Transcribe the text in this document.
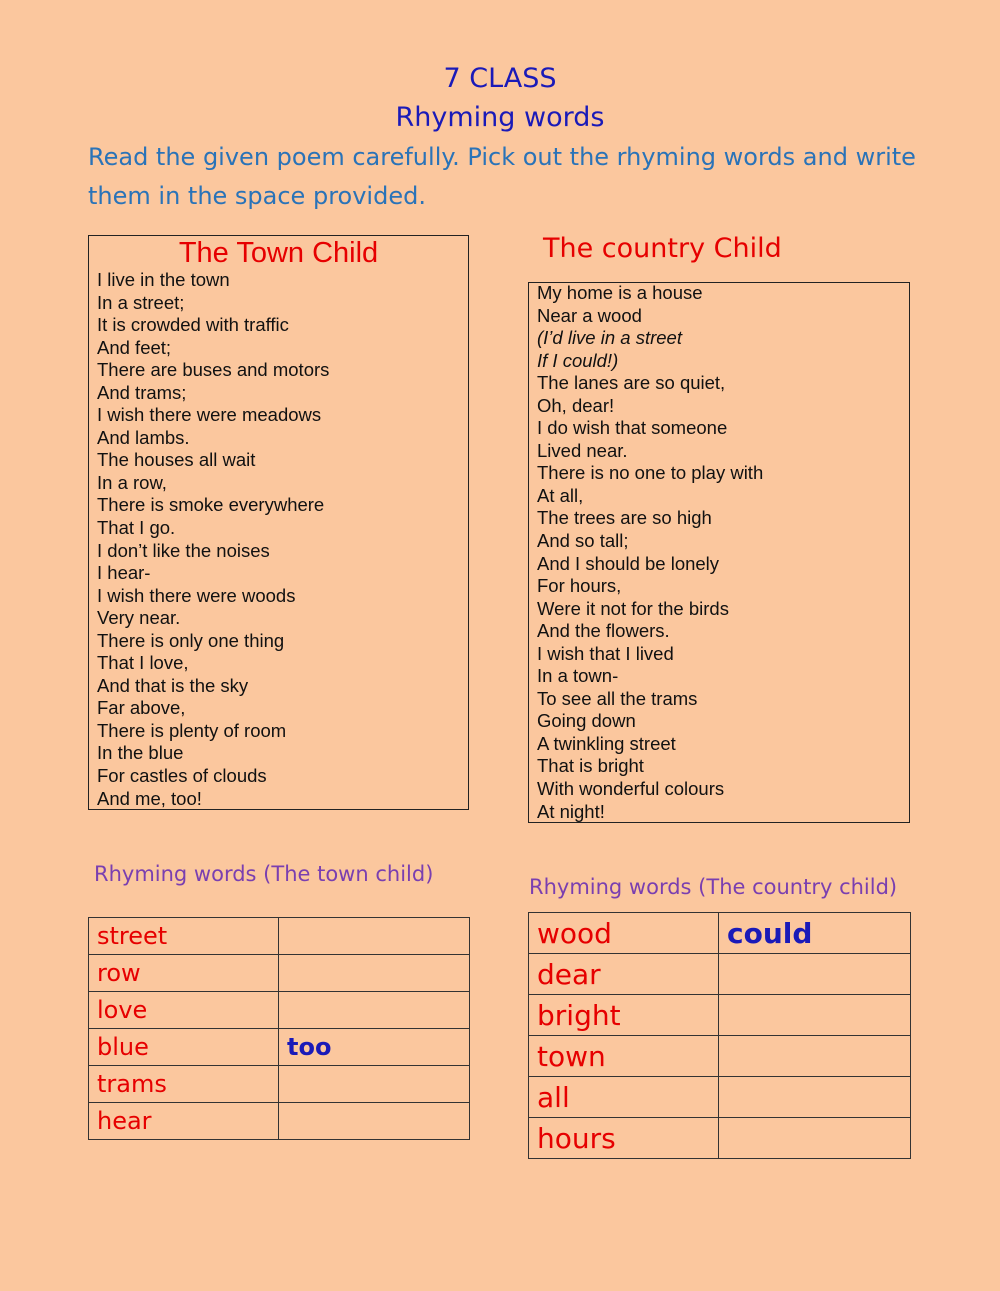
7 CLASS
Rhyming words
Read the given poem carefully. Pick out the rhyming words and write them in the space provided.
The Town Child
I live in the town
In a street;
It is crowded with traffic
And feet;
There are buses and motors
And trams;
I wish there were meadows
And lambs.
The houses all wait
In a row,
There is smoke everywhere
That I go.
I don’t like the noises
I hear-
I wish there were woods
Very near.
There is only one thing
That I love,
And that is the sky
Far above,
There is plenty of room
In the blue
For castles of clouds
And me, too!
The country Child
My home is a house
Near a wood
(I’d live in a street
If I could!)
The lanes are so quiet,
Oh, dear!
I do wish that someone
Lived near.
There is no one to play with
At all,
The trees are so high
And so tall;
And I should be lonely
For hours,
Were it not for the birds
And the flowers.
I wish that I lived
In a town-
To see all the trams
Going down
A twinkling street
That is bright
With wonderful colours
At night!
Rhyming words (The town child)
Rhyming words (The country child)
street	
row	
love	
blue	too
trams	
hear	
wood	could
dear	
bright	
town	
all	
hours	
